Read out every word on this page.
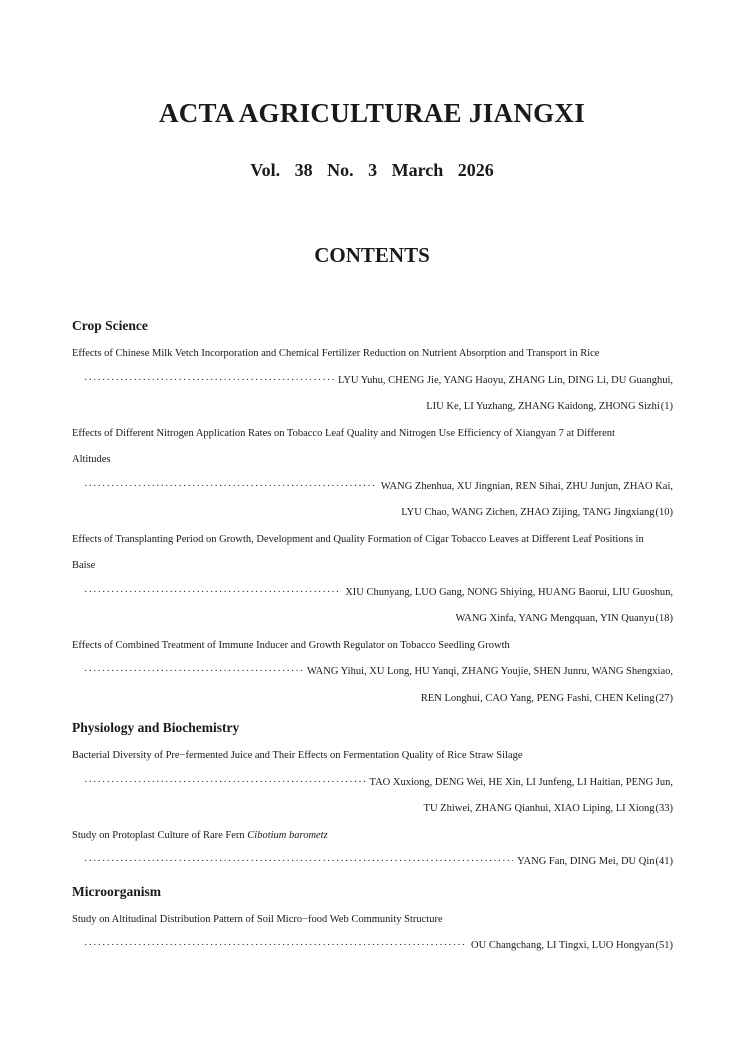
ACTA AGRICULTURAE JIANGXI
Vol. 38 No. 3 March 2026
CONTENTS

Crop Science

Effects of Chinese Milk Vetch Incorporation and Chemical Fertilizer Reduction on Nutrient Absorption and Transport in Rice

·····
LYU Yuhu, CHENG Jie, YANG Haoyu, ZHANG Lin, DING Li, DU Guanghui,
LIU Ke, LI Yuzhang, ZHANG Kaidong, ZHONG Sizhi(1)

Effects of Different Nitrogen Application Rates on Tobacco Leaf Quality and Nitrogen Use Efficiency of Xiangyan 7 at Different

Altitudes

·····
WANG Zhenhua, XU Jingnian, REN Sihai, ZHU Junjun, ZHAO Kai,
LYU Chao, WANG Zichen, ZHAO Zijing, TANG Jingxiang(10)

Effects of Transplanting Period on Growth, Development and Quality Formation of Cigar Tobacco Leaves at Different Leaf Positions in

Baise

·····
XIU Chunyang, LUO Gang, NONG Shiying, HUANG Baorui, LIU Guoshun,
WANG Xinfa, YANG Mengquan, YIN Quanyu(18)

Effects of Combined Treatment of Immune Inducer and Growth Regulator on Tobacco Seedling Growth

·····
WANG Yihui, XU Long, HU Yanqi, ZHANG Youjie, SHEN Junru, WANG Shengxiao,
REN Longhui, CAO Yang, PENG Fashi, CHEN Keling(27)

Physiology and Biochemistry

Bacterial Diversity of Pre−fermented Juice and Their Effects on Fermentation Quality of Rice Straw Silage

·····
TAO Xuxiong, DENG Wei, HE Xin, LI Junfeng, LI Haitian, PENG Jun,
TU Zhiwei, ZHANG Qianhui, XIAO Liping, LI Xiong(33)

Study on Protoplast Culture of Rare Fern Cibotium barometz

·····
YANG Fan, DING Mei, DU Qin (41)

Microorganism

Study on Altitudinal Distribution Pattern of Soil Micro−food Web Community Structure

·····
OU Changchang, LI Tingxi, LUO Hongyan (51)
